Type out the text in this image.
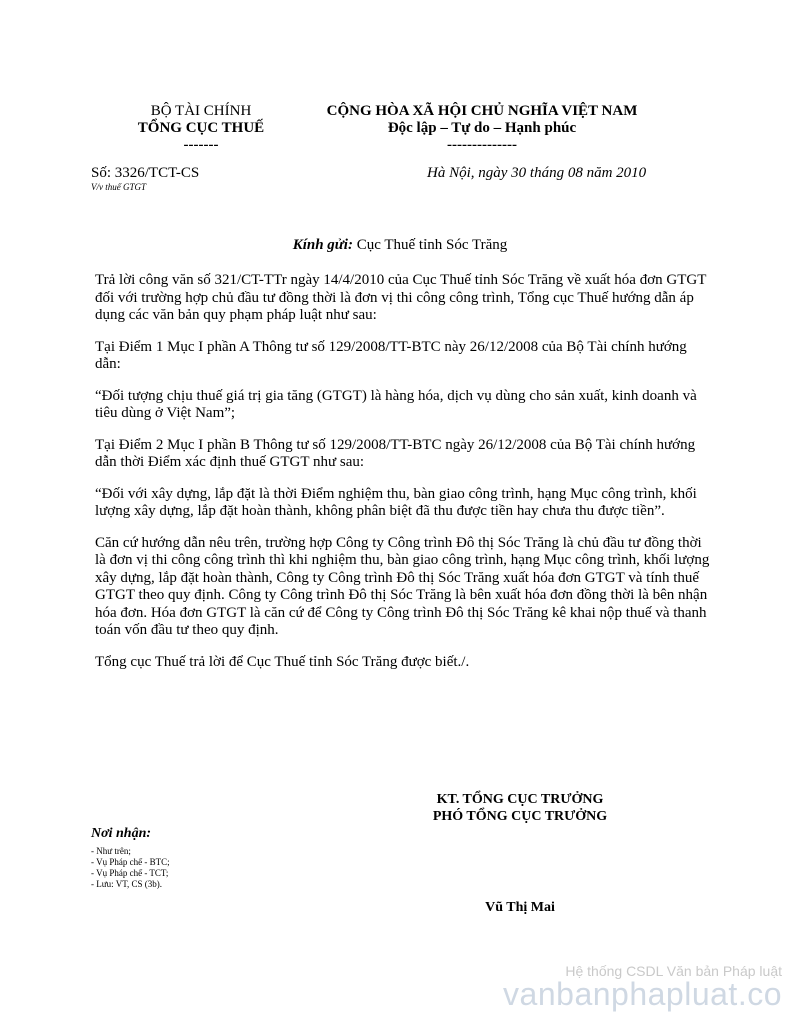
BỘ TÀI CHÍNH
TỔNG CỤC THUẾ
-------
CỘNG HÒA XÃ HỘI CHỦ NGHĨA VIỆT NAM
Độc lập – Tự do – Hạnh phúc
--------------
Số: 3326/TCT-CS
V/v thuế GTGT
Hà Nội, ngày 30 tháng 08 năm 2010
Kính gửi: Cục Thuế tỉnh Sóc Trăng

Trả lời công văn số 321/CT-TTr ngày 14/4/2010 của Cục Thuế tỉnh Sóc Trăng về xuất hóa đơn GTGT đối với trường hợp chủ đầu tư đồng thời là đơn vị thi công công trình, Tổng cục Thuế hướng dẫn áp dụng các văn bản quy phạm pháp luật như sau:

Tại Điểm 1 Mục I phần A Thông tư số 129/2008/TT-BTC này 26/12/2008 của Bộ Tài chính hướng dẫn:

“Đối tượng chịu thuế giá trị gia tăng (GTGT) là hàng hóa, dịch vụ dùng cho sản xuất, kinh doanh và tiêu dùng ở Việt Nam”;

Tại Điểm 2 Mục I phần B Thông tư số 129/2008/TT-BTC ngày 26/12/2008 của Bộ Tài chính hướng dẫn thời Điểm xác định thuế GTGT như sau:

“Đối với xây dựng, lắp đặt là thời Điểm nghiệm thu, bàn giao công trình, hạng Mục công trình, khối lượng xây dựng, lắp đặt hoàn thành, không phân biệt đã thu được tiền hay chưa thu được tiền”.

Căn cứ hướng dẫn nêu trên, trường hợp Công ty Công trình Đô thị Sóc Trăng là chủ đầu tư đồng thời là đơn vị thi công công trình thì khi nghiệm thu, bàn giao công trình, hạng Mục công trình, khối lượng xây dựng, lắp đặt hoàn thành, Công ty Công trình Đô thị Sóc Trăng xuất hóa đơn GTGT và tính thuế GTGT theo quy định. Công ty Công trình Đô thị Sóc Trăng là bên xuất hóa đơn đồng thời là bên nhận hóa đơn. Hóa đơn GTGT là căn cứ để Công ty Công trình Đô thị Sóc Trăng kê khai nộp thuế và thanh toán vốn đầu tư theo quy định.

Tổng cục Thuế trả lời để Cục Thuế tỉnh Sóc Trăng được biết./.

KT. TỔNG CỤC TRƯỞNG
PHÓ TỔNG CỤC TRƯỞNG
Nơi nhận:
- Như trên;
- Vụ Pháp chế - BTC;
- Vụ Pháp chế - TCT;
- Lưu: VT, CS (3b).
Vũ Thị Mai
Hệ thống CSDL Văn bản Pháp luật
vanbanphapluat.co
